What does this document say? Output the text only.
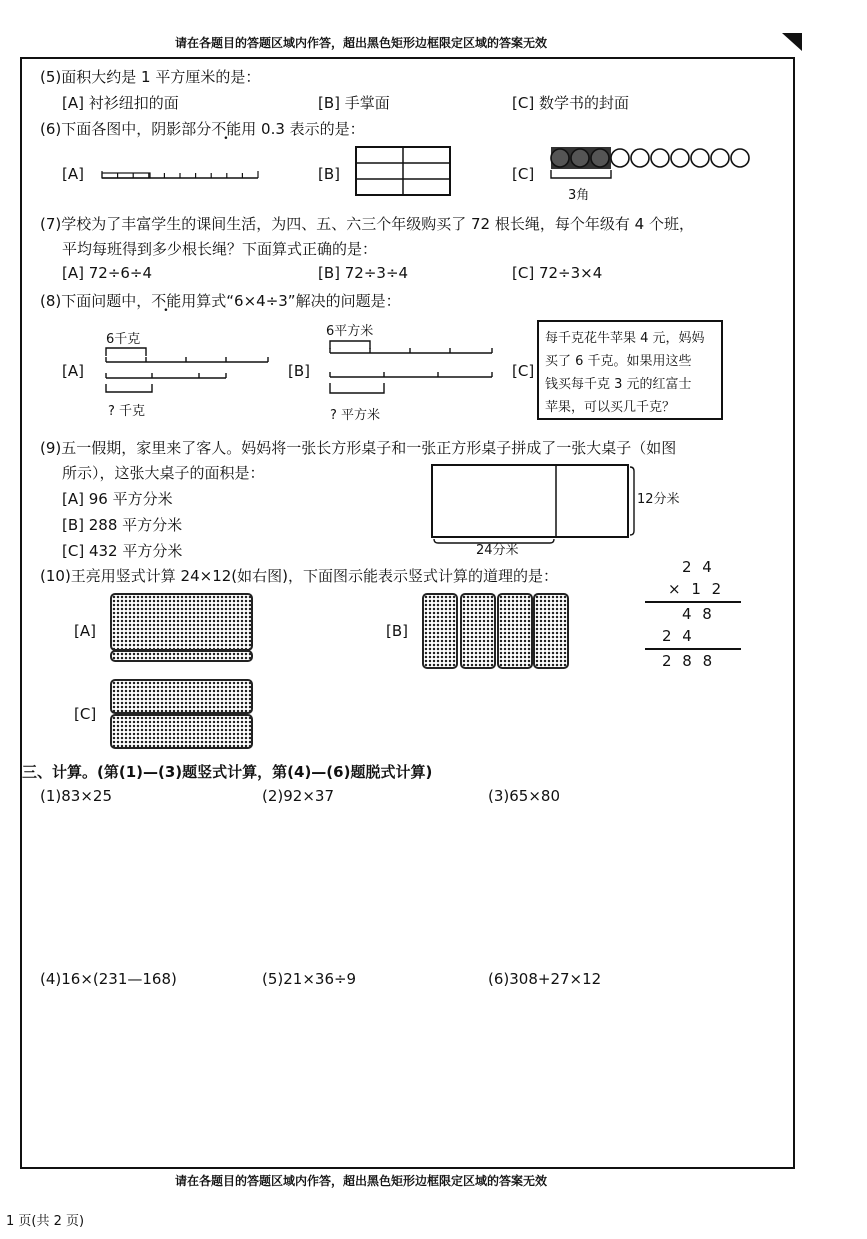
请在各题目的答题区域内作答，超出黑色矩形边框限定区域的答案无效
(5)面积大约是 1 平方厘米的是：
[A] 衬衫纽扣的面	[B] 手掌面	[C] 数学书的封面
(6)下面各图中，阴影部分不能用 0.3 表示的是：
[A]	[B]	[C]
3角
(7)学校为了丰富学生的课间生活，为四、五、六三个年级购买了 72 根长绳，每个年级有 4 个班，
平均每班得到多少根长绳？下面算式正确的是：
[A] 72÷6÷4	[B] 72÷3÷4	[C] 72÷3×4
(8)下面问题中，不能用算式“6×4÷3”解决的问题是：
[A]
6千克
? 千克
[B]
6平方米
? 平方米
[C]
每千克花牛苹果 4 元，妈妈
买了 6 千克。如果用这些
钱买每千克 3 元的红富士
苹果，可以买几千克？
(9)五一假期，家里来了客人。妈妈将一张长方形桌子和一张正方形桌子拼成了一张大桌子（如图
所示），这张大桌子的面积是：
[A] 96 平方分米
[B] 288 平方分米
[C] 432 平方分米
12分米
24分米
(10)王亮用竖式计算 24×12(如右图)，下面图示能表示竖式计算的道理的是：
[A]	[B]
[C]
2 4
× 1 2
4 8
2 4
2 8 8
三、计算。(第(1)—(3)题竖式计算，第(4)—(6)题脱式计算)
(1)83×25	(2)92×37	(3)65×80
(4)16×(231—168)	(5)21×36÷9	(6)308+27×12
请在各题目的答题区域内作答，超出黑色矩形边框限定区域的答案无效
1 页(共 2 页)
